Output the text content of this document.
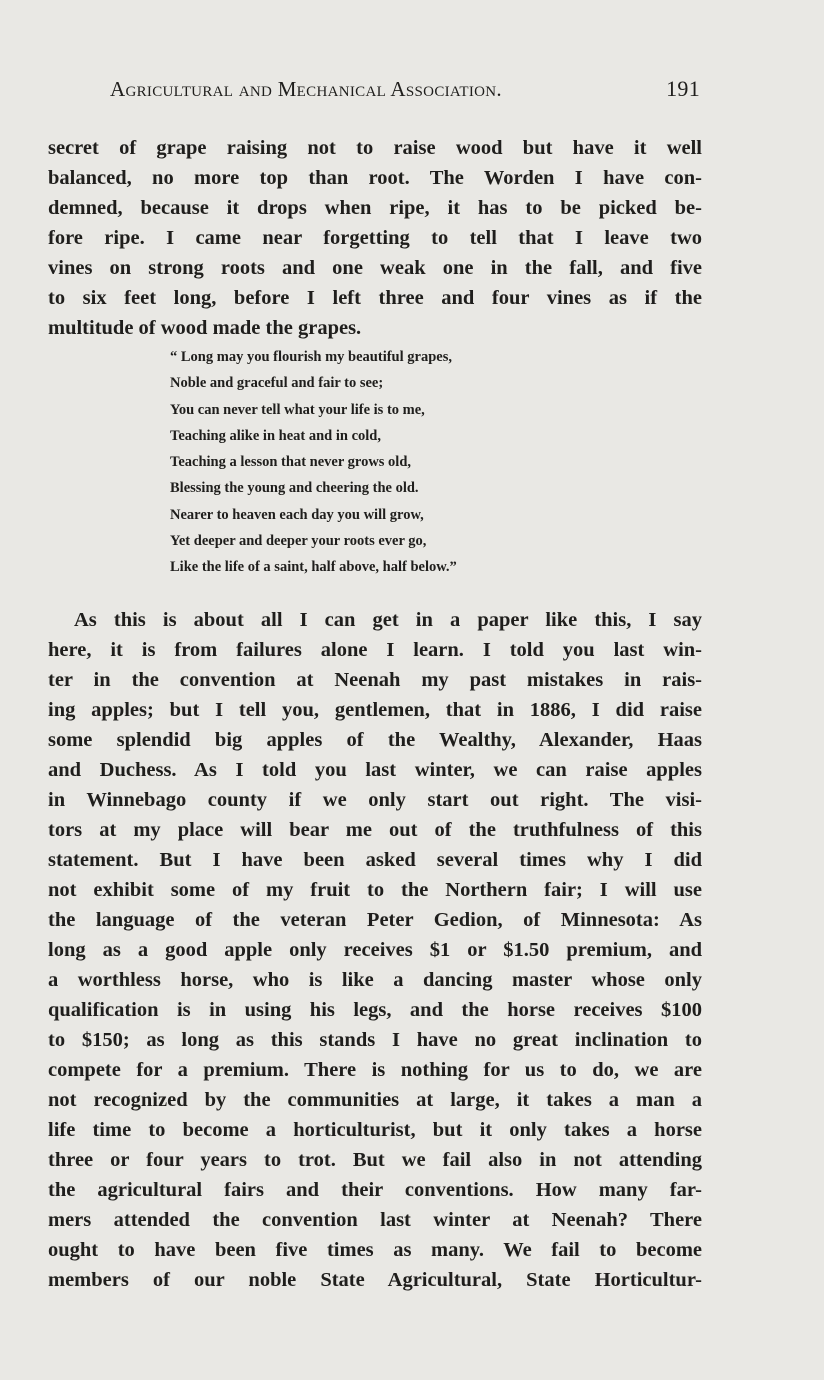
Agricultural and Mechanical Association.	191
secret of grape raising not to raise wood but have it well
balanced, no more top than root. The Worden I have con-
demned, because it drops when ripe, it has to be picked be-
fore ripe. I came near forgetting to tell that I leave two
vines on strong roots and one weak one in the fall, and five
to six feet long, before I left three and four vines as if the
multitude of wood made the grapes.
“ Long may you flourish my beautiful grapes,
Noble and graceful and fair to see;
You can never tell what your life is to me,
Teaching alike in heat and in cold,
Teaching a lesson that never grows old,
Blessing the young and cheering the old.
Nearer to heaven each day you will grow,
Yet deeper and deeper your roots ever go,
Like the life of a saint, half above, half below.”
As this is about all I can get in a paper like this, I say
here, it is from failures alone I learn. I told you last win-
ter in the convention at Neenah my past mistakes in rais-
ing apples; but I tell you, gentlemen, that in 1886, I did raise
some splendid big apples of the Wealthy, Alexander, Haas
and Duchess. As I told you last winter, we can raise apples
in Winnebago county if we only start out right. The visi-
tors at my place will bear me out of the truthfulness of this
statement. But I have been asked several times why I did
not exhibit some of my fruit to the Northern fair; I will use
the language of the veteran Peter Gedion, of Minnesota: As
long as a good apple only receives $1 or $1.50 premium, and
a worthless horse, who is like a dancing master whose only
qualification is in using his legs, and the horse receives $100
to $150; as long as this stands I have no great inclination to
compete for a premium. There is nothing for us to do, we are
not recognized by the communities at large, it takes a man a
life time to become a horticulturist, but it only takes a horse
three or four years to trot. But we fail also in not attending
the agricultural fairs and their conventions. How many far-
mers attended the convention last winter at Neenah? There
ought to have been five times as many. We fail to become
members of our noble State Agricultural, State Horticultur-
